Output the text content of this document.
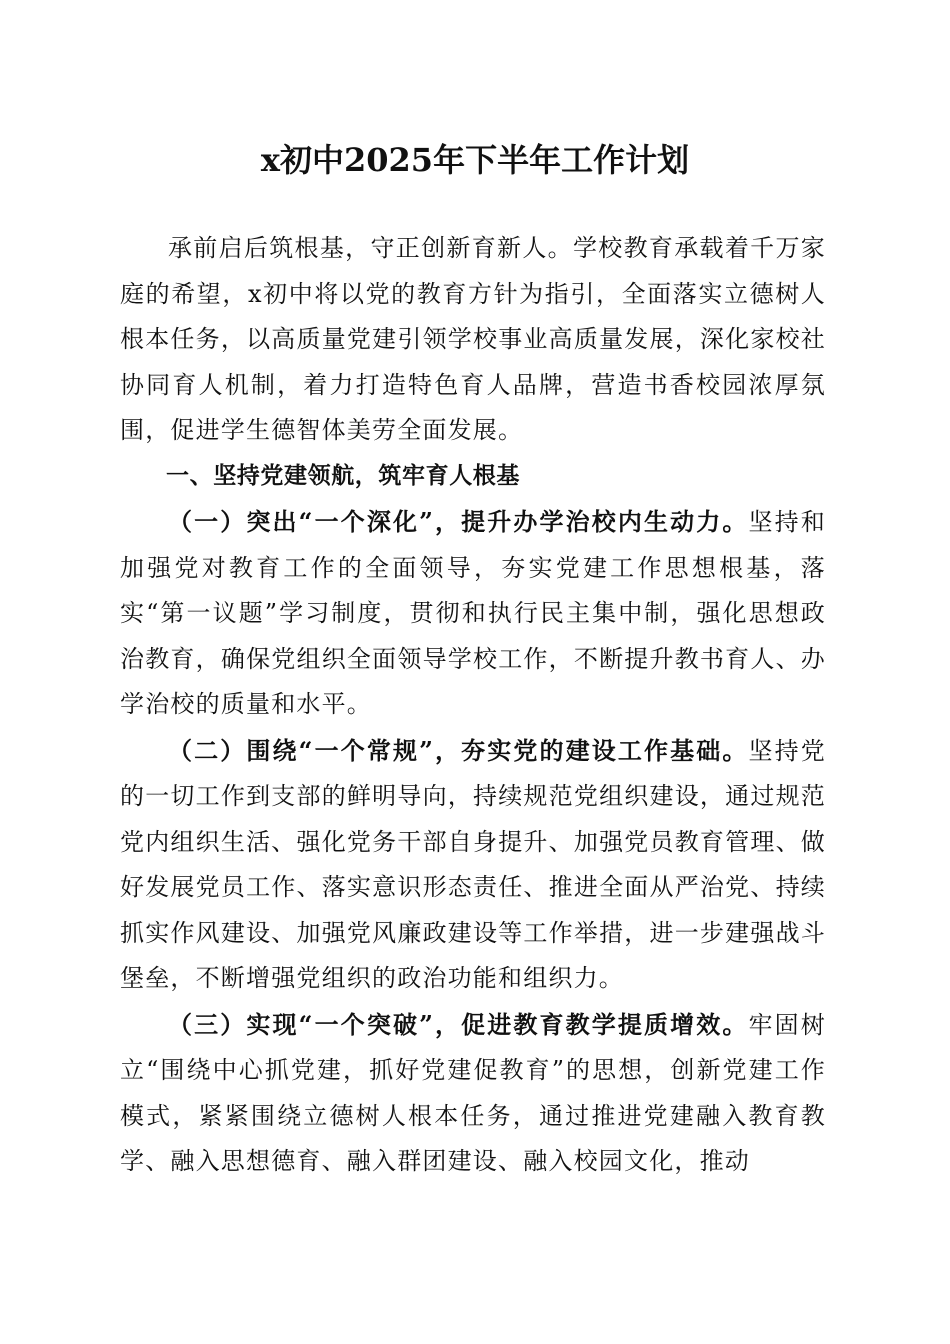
x初中2025年下半年工作计划

承前启后筑根基，守正创新育新人。学校教育承载着千万家庭的希望，x初中将以党的教育方针为指引，全面落实立德树人根本任务，以高质量党建引领学校事业高质量发展，深化家校社协同育人机制，着力打造特色育人品牌，营造书香校园浓厚氛围，促进学生德智体美劳全面发展。

一、坚持党建领航，筑牢育人根基

（一）突出“一个深化”，提升办学治校内生动力。坚持和加强党对教育工作的全面领导，夯实党建工作思想根基，落实“第一议题”学习制度，贯彻和执行民主集中制，强化思想政治教育，确保党组织全面领导学校工作，不断提升教书育人、办学治校的质量和水平。

（二）围绕“一个常规”，夯实党的建设工作基础。坚持党的一切工作到支部的鲜明导向，持续规范党组织建设，通过规范党内组织生活、强化党务干部自身提升、加强党员教育管理、做好发展党员工作、落实意识形态责任、推进全面从严治党、持续抓实作风建设、加强党风廉政建设等工作举措，进一步建强战斗堡垒，不断增强党组织的政治功能和组织力。

（三）实现“一个突破”，促进教育教学提质增效。牢固树立“围绕中心抓党建，抓好党建促教育”的思想，创新党建工作模式，紧紧围绕立德树人根本任务，通过推进党建融入教育教学、融入思想德育、融入群团建设、融入校园文化，推动
